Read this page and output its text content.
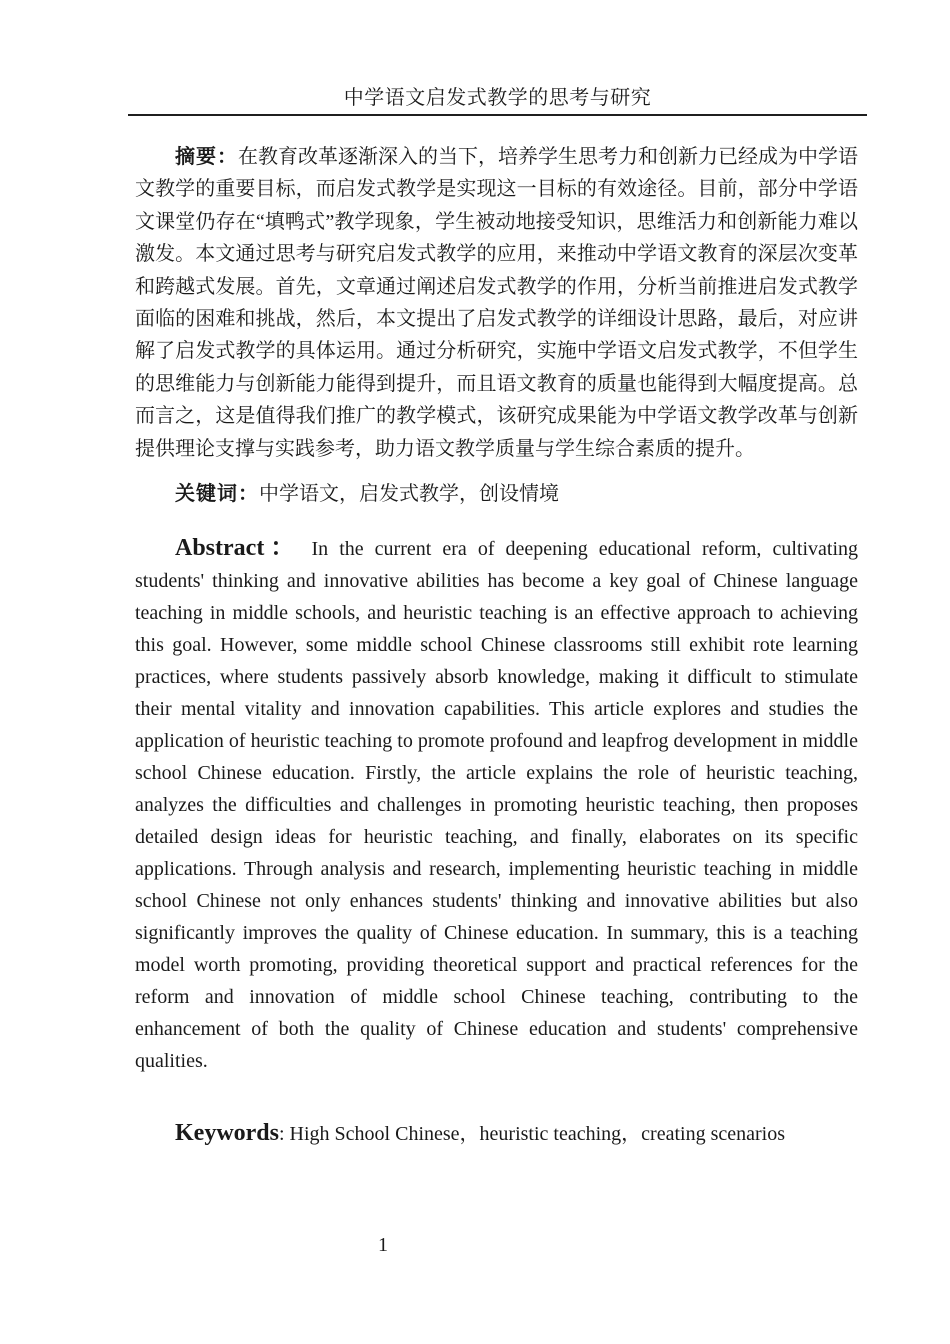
中学语文启发式教学的思考与研究

摘要：在教育改革逐渐深入的当下，培养学生思考力和创新力已经成为中学语文教学的重要目标，而启发式教学是实现这一目标的有效途径。目前，部分中学语文课堂仍存在“填鸭式”教学现象，学生被动地接受知识，思维活力和创新能力难以激发。本文通过思考与研究启发式教学的应用，来推动中学语文教育的深层次变革和跨越式发展。首先，文章通过阐述启发式教学的作用，分析当前推进启发式教学面临的困难和挑战，然后，本文提出了启发式教学的详细设计思路，最后，对应讲解了启发式教学的具体运用。通过分析研究，实施中学语文启发式教学，不但学生的思维能力与创新能力能得到提升，而且语文教育的质量也能得到大幅度提高。总而言之，这是值得我们推广的教学模式，该研究成果能为中学语文教学改革与创新提供理论支撑与实践参考，助力语文教学质量与学生综合素质的提升。

关键词：中学语文，启发式教学，创设情境

Abstract： In the current era of deepening educational reform, cultivating students' thinking and innovative abilities has become a key goal of Chinese language teaching in middle schools, and heuristic teaching is an effective approach to achieving this goal. However, some middle school Chinese classrooms still exhibit rote learning practices, where students passively absorb knowledge, making it difficult to stimulate their mental vitality and innovation capabilities. This article explores and studies the application of heuristic teaching to promote profound and leapfrog development in middle school Chinese education. Firstly, the article explains the role of heuristic teaching, analyzes the difficulties and challenges in promoting heuristic teaching, then proposes detailed design ideas for heuristic teaching, and finally, elaborates on its specific applications. Through analysis and research, implementing heuristic teaching in middle school Chinese not only enhances students' thinking and innovative abilities but also significantly improves the quality of Chinese education. In summary, this is a teaching model worth promoting, providing theoretical support and practical references for the reform and innovation of middle school Chinese teaching, contributing to the enhancement of both the quality of Chinese education and students' comprehensive qualities.

Keywords: High School Chinese，heuristic teaching，creating scenarios

1
